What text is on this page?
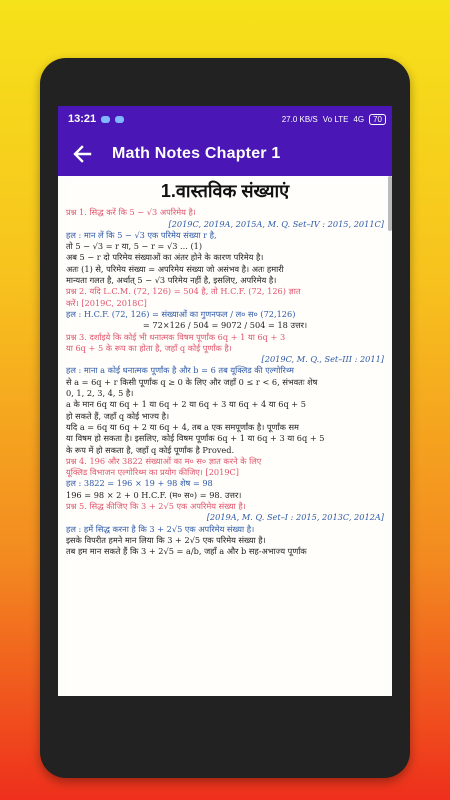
13:21	27.0 KB/S Vo LTE 4G	70
Math Notes Chapter 1
1.वास्तविक संख्याएं
प्रश्न 1. सिद्ध करें कि 5 − √3 अपरिमेय है।
[2019C, 2019A, 2015A, M. Q. Set–IV : 2015, 2011C]
हल : मान लें कि 5 − √3 एक परिमेय संख्या r है,
तो 5 − √3 = r या, 5 − r = √3 ... (1)
अब 5 − r दो परिमेय संख्याओं का अंतर होने के कारण परिमेय है।
अतः (1) से, परिमेय संख्या = अपरिमेय संख्या जो असंभव है। अतः हमारी
मान्यता गलत है, अर्थात् 5 − √3 परिमेय नहीं है, इसलिए, अपरिमेय है।
प्रश्न 2. यदि L.C.M. (72, 126) = 504 है, तो H.C.F. (72, 126) ज्ञात
करें। [2019C, 2018C]
हल : H.C.F. (72, 126) = संख्याओं का गुणनफल / ल० स० (72,126)
= 72×126 / 504 = 9072 / 504 = 18 उत्तर।
प्रश्न 3. दर्शाइये कि कोई भी धनात्मक विषम पूर्णांक 6q + 1 या 6q + 3
या 6q + 5 के रूप का होता है, जहाँ q कोई पूर्णांक है।
[2019C, M. Q., Set–III : 2011]
हल : माना a कोई धनात्मक पूर्णांक है और b = 6 तब यूक्लिड की एल्गोरिथ्म
से a = 6q + r किसी पूर्णांक q ≥ 0 के लिए और जहाँ 0 ≤ r < 6, संभवतः शेष
0, 1, 2, 3, 4, 5 है।
a के मान 6q या 6q + 1 या 6q + 2 या 6q + 3 या 6q + 4 या 6q + 5
हो सकते हैं, जहाँ q कोई भाज्य है।
यदि a = 6q या 6q + 2 या 6q + 4, तब a एक समपूर्णांक है। पूर्णांक सम
या विषम हो सकता है। इसलिए, कोई विषम पूर्णांक 6q + 1 या 6q + 3 या 6q + 5
के रूप में हो सकता है, जहाँ q कोई पूर्णांक है Proved.
प्रश्न 4. 196 और 3822 संख्याओं का म० स० ज्ञात करने के लिए
यूक्लिड विभाजन एल्गोरिथ्म का प्रयोग कीजिए। [2019C]
हल : 3822 = 196 × 19 + 98 शेष = 98
196 = 98 × 2 + 0 H.C.F. (म० स०) = 98. उत्तर।
प्रश्न 5. सिद्ध कीजिए कि 3 + 2√5 एक अपरिमेय संख्या है।
[2019A, M. Q. Set–I : 2015, 2013C, 2012A]
हल : हमें सिद्ध करना है कि 3 + 2√5 एक अपरिमेय संख्या है।
इसके विपरीत हमने मान लिया कि 3 + 2√5 एक परिमेय संख्या है।
तब हम मान सकते हैं कि 3 + 2√5 = a/b, जहाँ a और b सह-अभाज्य पूर्णांक
